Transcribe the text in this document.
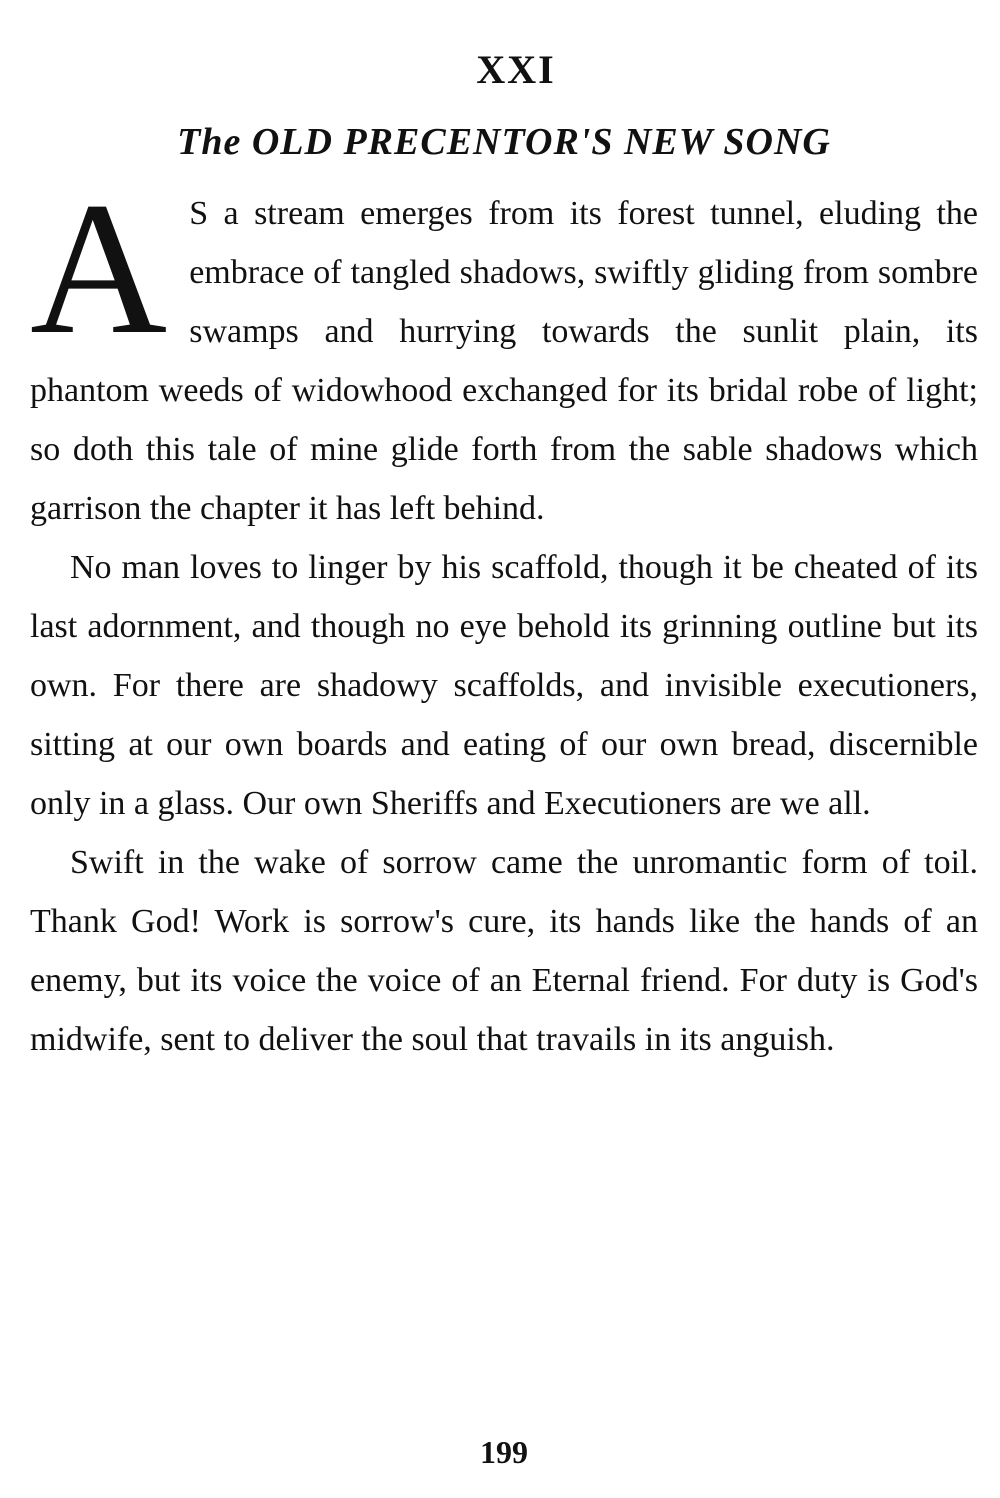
XXI
The OLD PRECENTOR'S NEW SONG

A S a stream emerges from its forest tunnel, eluding the embrace of tangled shadows, swiftly gliding from sombre swamps and hurrying towards the sunlit plain, its phantom weeds of widowhood exchanged for its bridal robe of light; so doth this tale of mine glide forth from the sable shadows which garrison the chapter it has left behind.

No man loves to linger by his scaffold, though it be cheated of its last adornment, and though no eye behold its grinning outline but its own. For there are shadowy scaffolds, and invisible executioners, sitting at our own boards and eating of our own bread, discernible only in a glass. Our own Sheriffs and Executioners are we all.

Swift in the wake of sorrow came the unromantic form of toil. Thank God! Work is sorrow's cure, its hands like the hands of an enemy, but its voice the voice of an Eternal friend. For duty is God's midwife, sent to deliver the soul that travails in its anguish.

199
